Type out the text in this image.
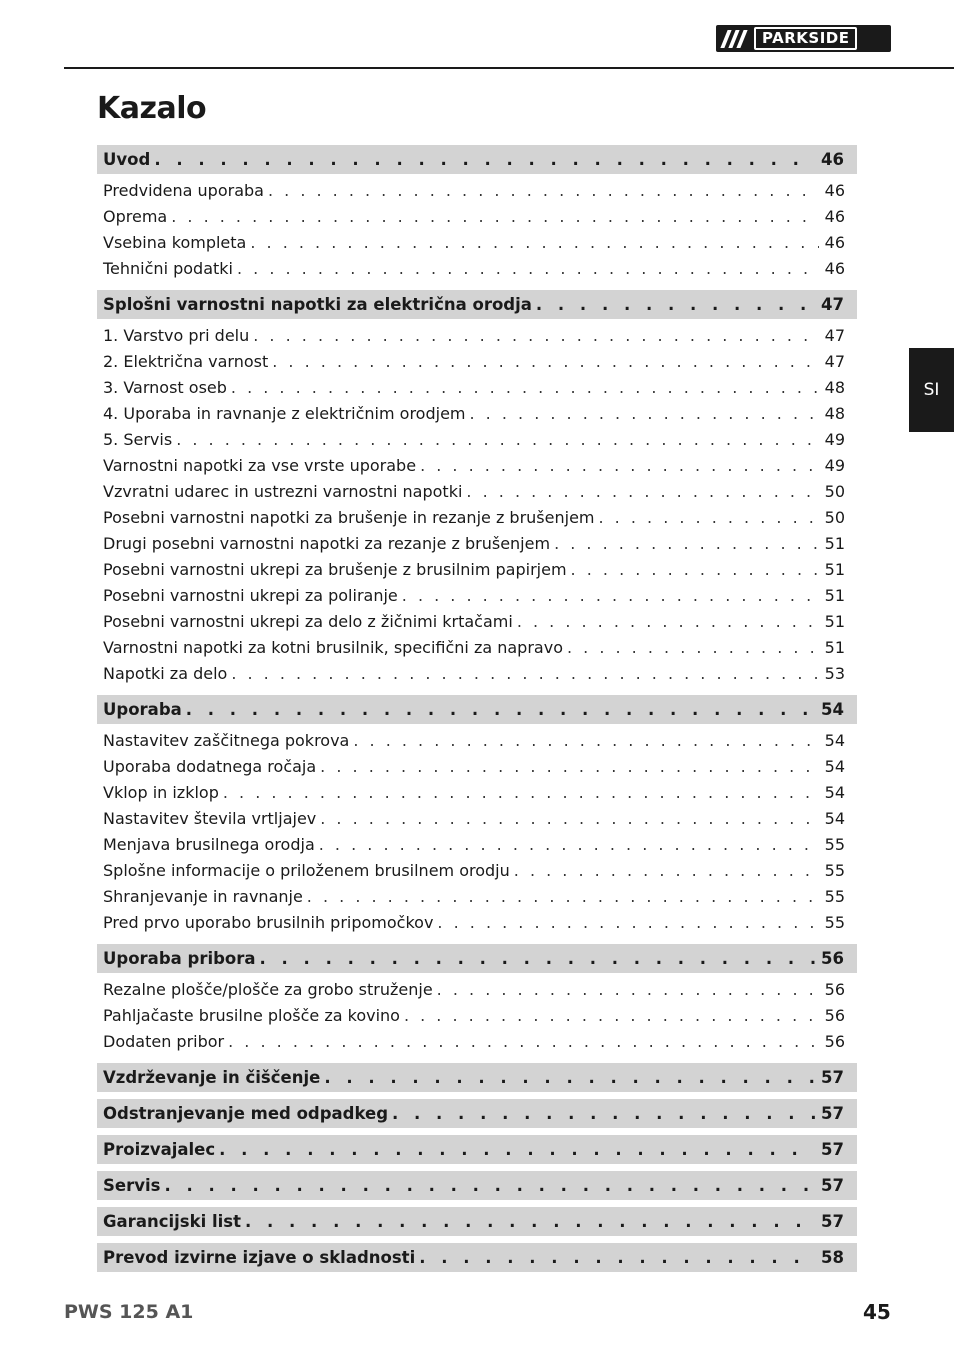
PARKSIDE
SI
Kazalo
Uvod . . .	46
Predvidena uporaba . . .	46
Oprema . . .	46
Vsebina kompleta . . .	46
Tehnični podatki . . .	46
Splošni varnostni napotki za električna orodja . . .	47
1. Varstvo pri delu . . .	47
2. Električna varnost . . .	47
3. Varnost oseb . . .	48
4. Uporaba in ravnanje z električnim orodjem . . .	48
5. Servis . . .	49
Varnostni napotki za vse vrste uporabe . . .	49
Vzvratni udarec in ustrezni varnostni napotki . . .	50
Posebni varnostni napotki za brušenje in rezanje z brušenjem . . .	50
Drugi posebni varnostni napotki za rezanje z brušenjem . . .	51
Posebni varnostni ukrepi za brušenje z brusilnim papirjem . . .	51
Posebni varnostni ukrepi za poliranje . . .	51
Posebni varnostni ukrepi za delo z žičnimi krtačami . . .	51
Varnostni napotki za kotni brusilnik, specifični za napravo . . .	51
Napotki za delo . . .	53
Uporaba . . .	54
Nastavitev zaščitnega pokrova . . .	54
Uporaba dodatnega ročaja . . .	54
Vklop in izklop . . .	54
Nastavitev števila vrtljajev . . .	54
Menjava brusilnega orodja . . .	55
Splošne informacije o priloženem brusilnem orodju . . .	55
Shranjevanje in ravnanje . . .	55
Pred prvo uporabo brusilnih pripomočkov . . .	55
Uporaba pribora . . .	56
Rezalne plošče/plošče za grobo struženje . . .	56
Pahljačaste brusilne plošče za kovino . . .	56
Dodaten pribor . . .	56
Vzdrževanje in čiščenje . . .	57
Odstranjevanje med odpadkeg . . .	57
Proizvajalec . . .	57
Servis . . .	57
Garancijski list . . .	57
Prevod izvirne izjave o skladnosti . . .	58
PWS 125 A1	45
